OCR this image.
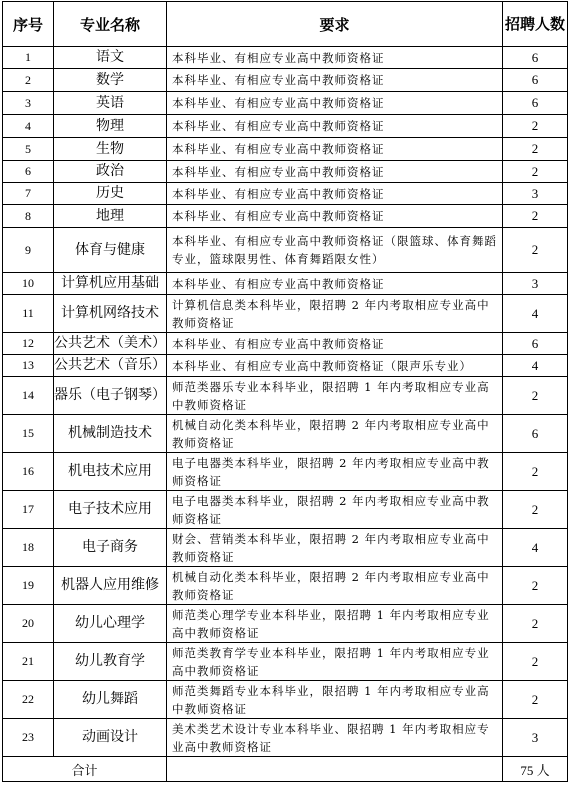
序号	专业名称	要求	招聘人数
1	语文	本科毕业、有相应专业高中教师资格证	6
2	数学	本科毕业、有相应专业高中教师资格证	6
3	英语	本科毕业、有相应专业高中教师资格证	6
4	物理	本科毕业、有相应专业高中教师资格证	2
5	生物	本科毕业、有相应专业高中教师资格证	2
6	政治	本科毕业、有相应专业高中教师资格证	2
7	历史	本科毕业、有相应专业高中教师资格证	3
8	地理	本科毕业、有相应专业高中教师资格证	2
9	体育与健康	本科毕业、有相应专业高中教师资格证（限篮球、体育舞蹈专业，篮球限男性、体育舞蹈限女性）	2
10	计算机应用基础	本科毕业、有相应专业高中教师资格证	3
11	计算机网络技术	计算机信息类本科毕业，限招聘 2 年内考取相应专业高中教师资格证	4
12	公共艺术（美术）	本科毕业、有相应专业高中教师资格证	6
13	公共艺术（音乐）	本科毕业、有相应专业高中教师资格证（限声乐专业）	4
14	器乐（电子钢琴）	师范类器乐专业本科毕业，限招聘 1 年内考取相应专业高中教师资格证	2
15	机械制造技术	机械自动化类本科毕业，限招聘 2 年内考取相应专业高中教师资格证	6
16	机电技术应用	电子电器类本科毕业，限招聘 2 年内考取相应专业高中教师资格证	2
17	电子技术应用	电子电器类本科毕业，限招聘 2 年内考取相应专业高中教师资格证	2
18	电子商务	财会、营销类本科毕业，限招聘 2 年内考取相应专业高中教师资格证	4
19	机器人应用维修	机械自动化类本科毕业，限招聘 2 年内考取相应专业高中教师资格证	2
20	幼儿心理学	师范类心理学专业本科毕业，限招聘 1 年内考取相应专业高中教师资格证	2
21	幼儿教育学	师范类教育学专业本科毕业，限招聘 1 年内考取相应专业高中教师资格证	2
22	幼儿舞蹈	师范类舞蹈专业本科毕业，限招聘 1 年内考取相应专业高中教师资格证	2
23	动画设计	美术类艺术设计专业本科毕业、限招聘 1 年内考取相应专业高中教师资格证	3
合计			75 人
